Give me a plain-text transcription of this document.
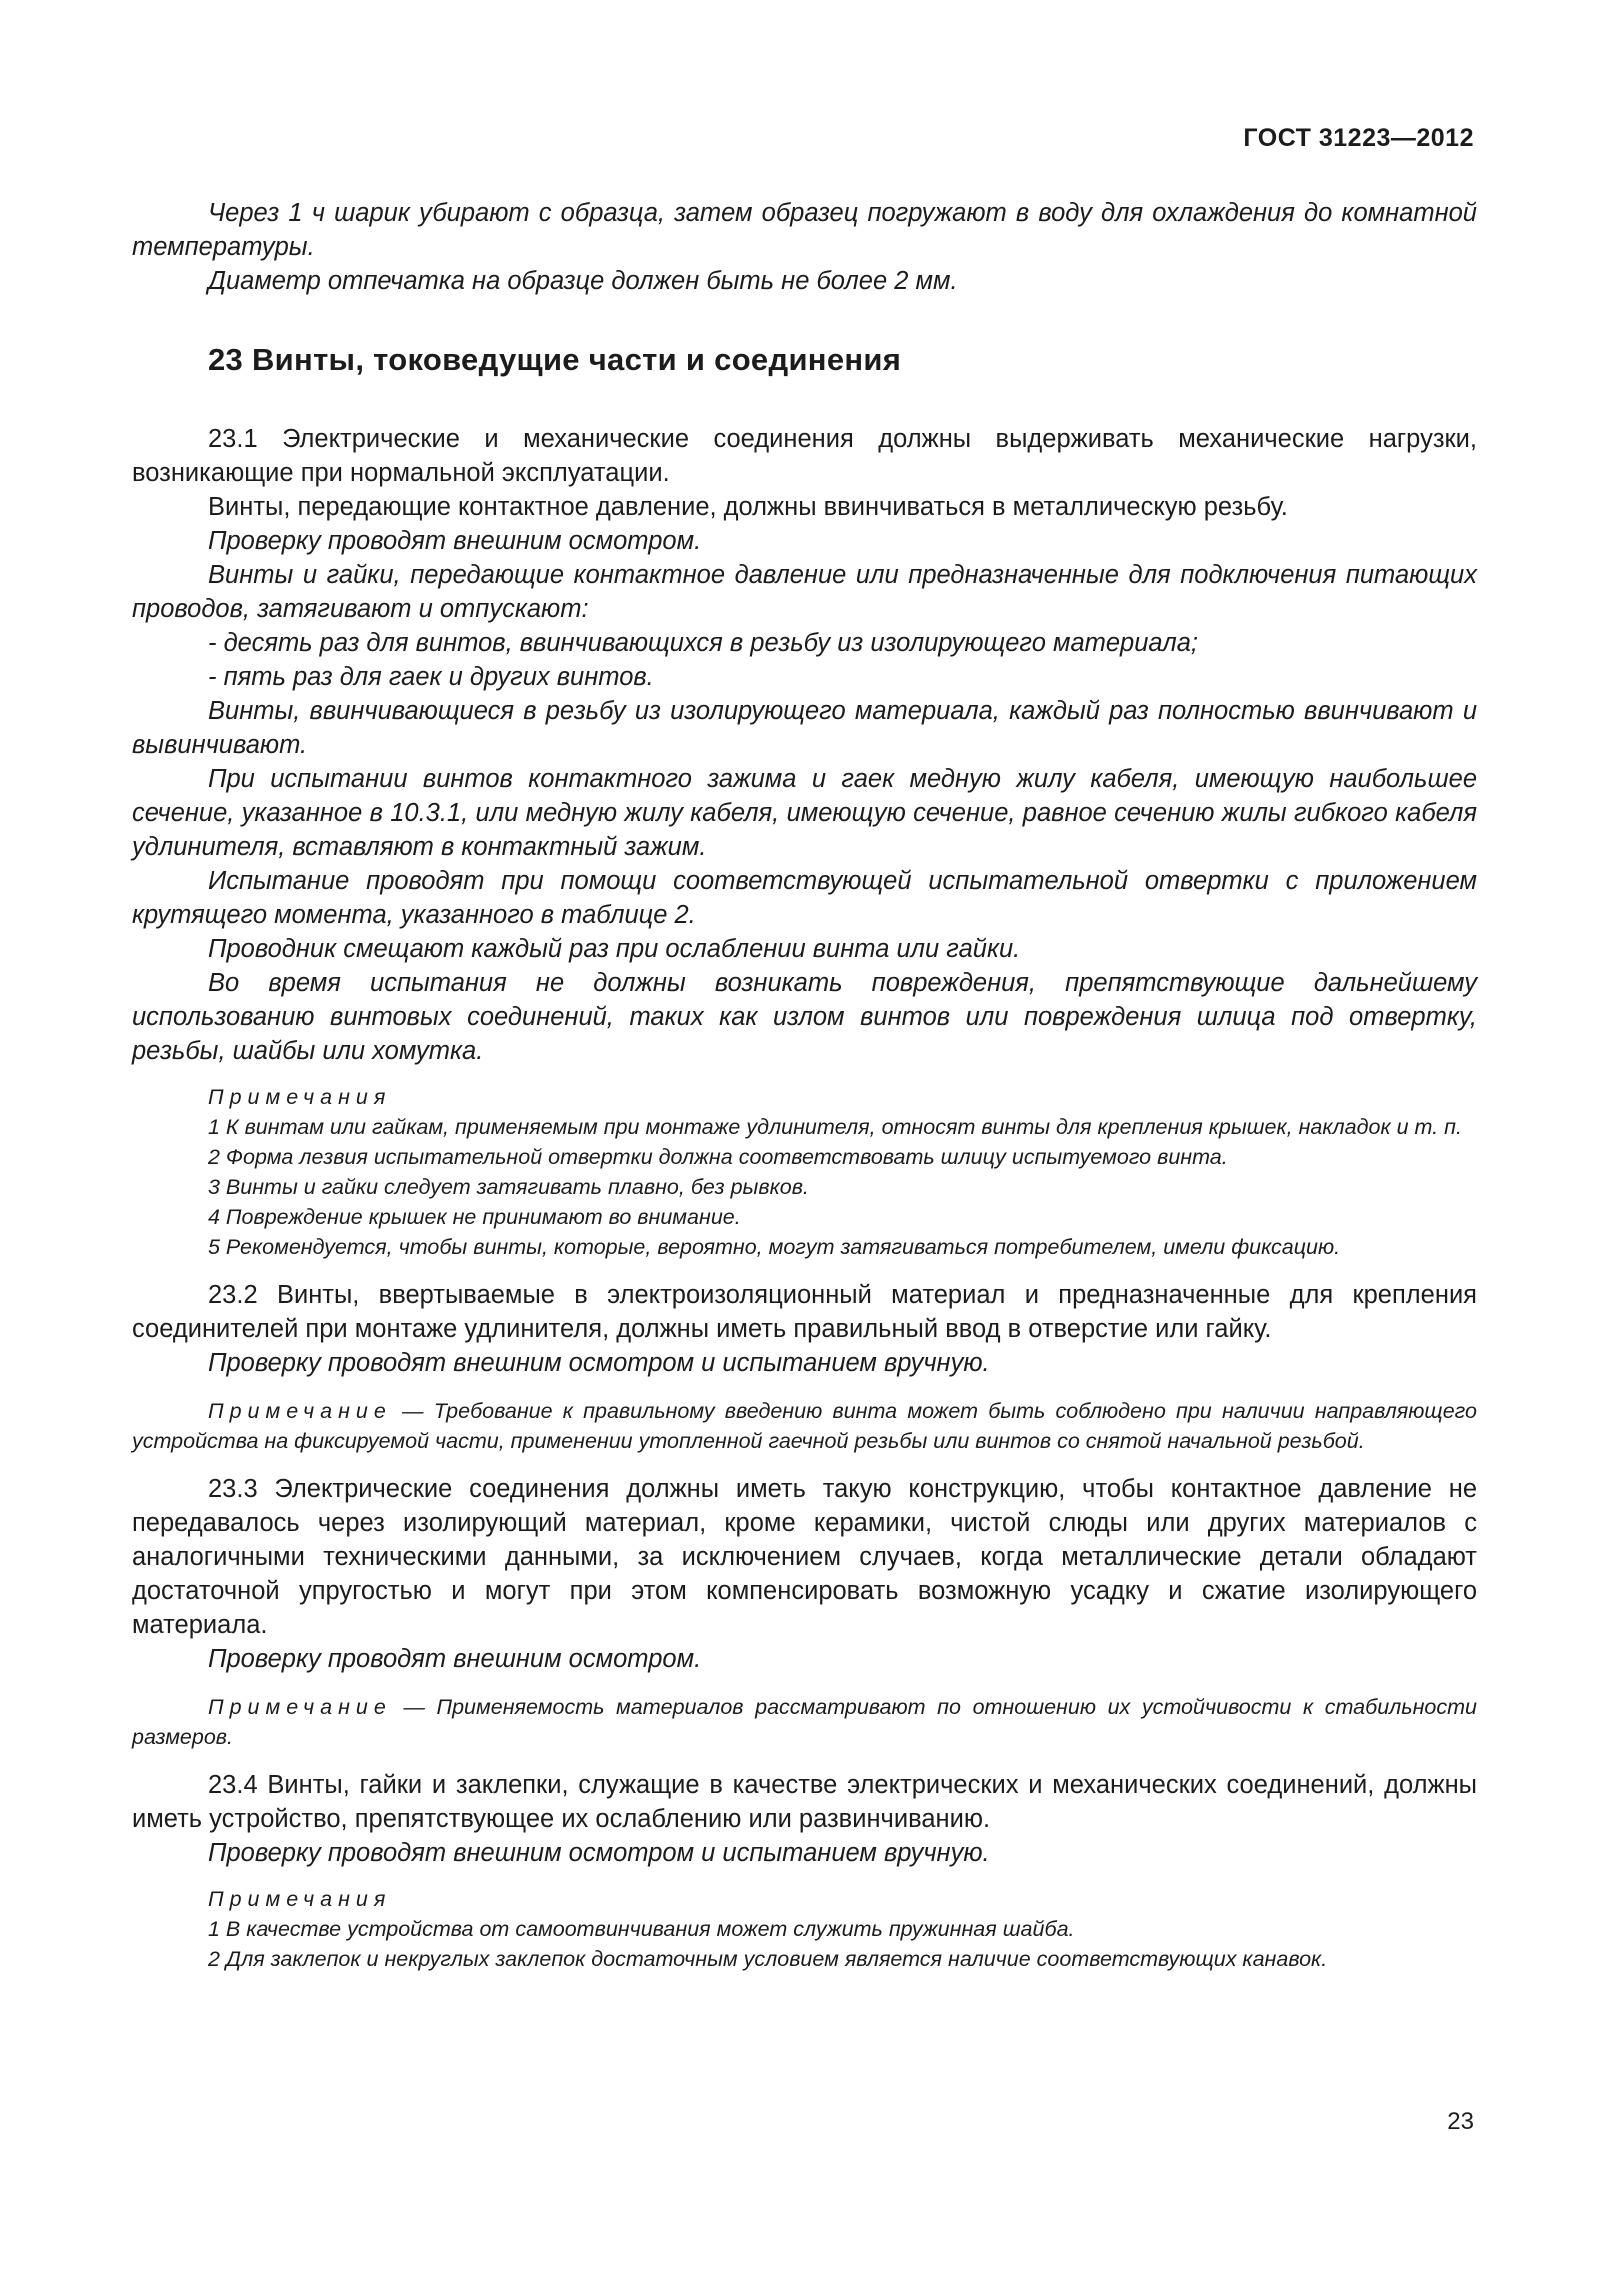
ГОСТ 31223—2012

Через 1 ч шарик убирают с образца, затем образец погружают в воду для охлаждения до комнатной температуры.

Диаметр отпечатка на образце должен быть не более 2 мм.

23 Винты, токоведущие части и соединения

23.1 Электрические и механические соединения должны выдерживать механические нагрузки, возникающие при нормальной эксплуатации.

Винты, передающие контактное давление, должны ввинчиваться в металлическую резьбу.

Проверку проводят внешним осмотром.

Винты и гайки, передающие контактное давление или предназначенные для подключения питающих проводов, затягивают и отпускают:

- десять раз для винтов, ввинчивающихся в резьбу из изолирующего материала;

- пять раз для гаек и других винтов.

Винты, ввинчивающиеся в резьбу из изолирующего материала, каждый раз полностью ввинчивают и вывинчивают.

При испытании винтов контактного зажима и гаек медную жилу кабеля, имеющую наибольшее сечение, указанное в 10.3.1, или медную жилу кабеля, имеющую сечение, равное сечению жилы гибкого кабеля удлинителя, вставляют в контактный зажим.

Испытание проводят при помощи соответствующей испытательной отвертки с приложением крутящего момента, указанного в таблице 2.

Проводник смещают каждый раз при ослаблении винта или гайки.

Во время испытания не должны возникать повреждения, препятствующие дальнейшему использованию винтовых соединений, таких как излом винтов или повреждения шлица под отвертку, резьбы, шайбы или хомутка.

Примечания

1 К винтам или гайкам, применяемым при монтаже удлинителя, относят винты для крепления крышек, накладок и т. п.

2 Форма лезвия испытательной отвертки должна соответствовать шлицу испытуемого винта.

3 Винты и гайки следует затягивать плавно, без рывков.

4 Повреждение крышек не принимают во внимание.

5 Рекомендуется, чтобы винты, которые, вероятно, могут затягиваться потребителем, имели фиксацию.

23.2 Винты, ввертываемые в электроизоляционный материал и предназначенные для крепления соединителей при монтаже удлинителя, должны иметь правильный ввод в отверстие или гайку.

Проверку проводят внешним осмотром и испытанием вручную.

Примечание — Требование к правильному введению винта может быть соблюдено при наличии направляющего устройства на фиксируемой части, применении утопленной гаечной резьбы или винтов со снятой начальной резьбой.

23.3 Электрические соединения должны иметь такую конструкцию, чтобы контактное давление не передавалось через изолирующий материал, кроме керамики, чистой слюды или других материалов с аналогичными техническими данными, за исключением случаев, когда металлические детали обладают достаточной упругостью и могут при этом компенсировать возможную усадку и сжатие изолирующего материала.

Проверку проводят внешним осмотром.

Примечание — Применяемость материалов рассматривают по отношению их устойчивости к стабильности размеров.

23.4 Винты, гайки и заклепки, служащие в качестве электрических и механических соединений, должны иметь устройство, препятствующее их ослаблению или развинчиванию.

Проверку проводят внешним осмотром и испытанием вручную.

Примечания

1 В качестве устройства от самоотвинчивания может служить пружинная шайба.

2 Для заклепок и некруглых заклепок достаточным условием является наличие соответствующих канавок.

23
